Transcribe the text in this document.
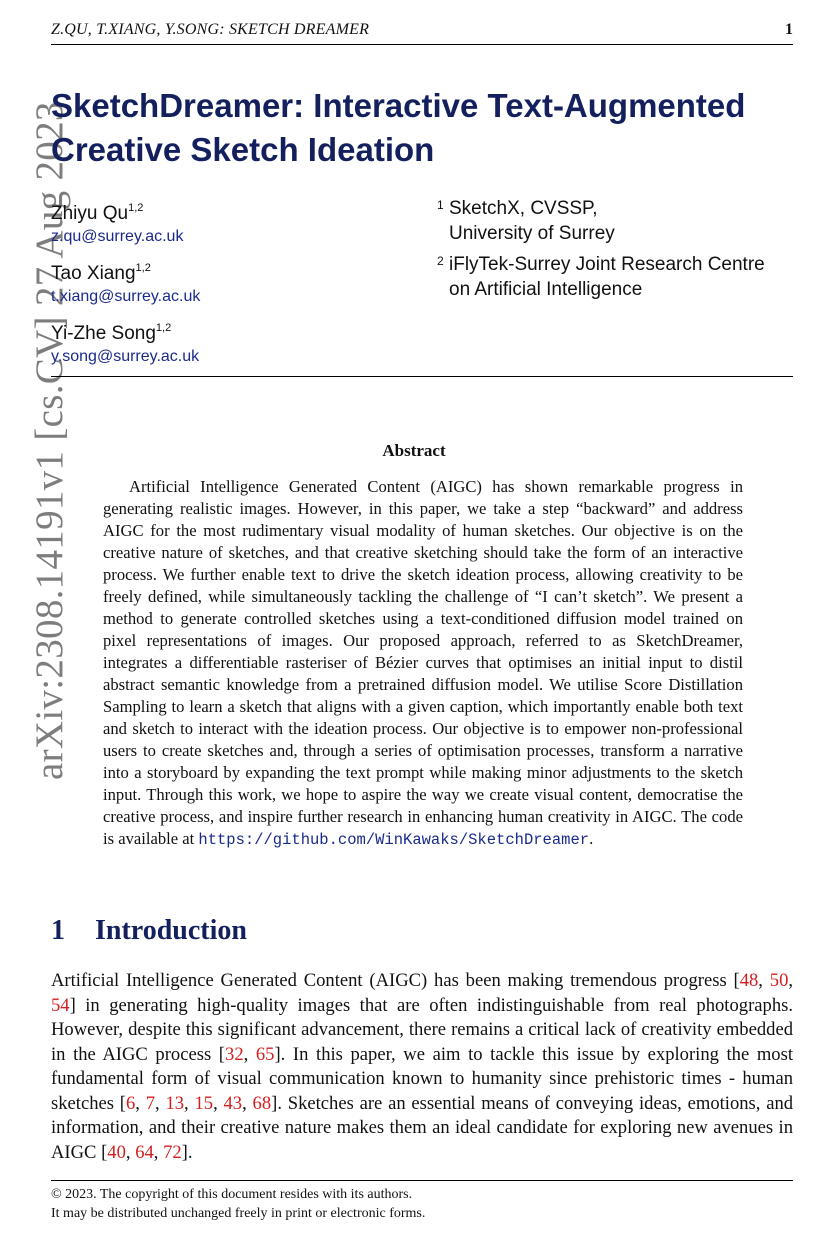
Z.QU, T.XIANG, Y.SONG: SKETCH DREAMER	1
arXiv:2308.14191v1 [cs.CV] 27 Aug 2023
SketchDreamer: Interactive Text-Augmented
Creative Sketch Ideation
Zhiyu Qu$^{1,2}$
z.qu@surrey.ac.uk
Tao Xiang$^{1,2}$
t.xiang@surrey.ac.uk
Yi-Zhe Song$^{1,2}$
y.song@surrey.ac.uk
1 SketchX, CVSSP,
University of Surrey
2 iFlyTek-Surrey Joint Research Centre
on Artificial Intelligence
Abstract
Artificial Intelligence Generated Content (AIGC) has shown remarkable progress in generating realistic images. However, in this paper, we take a step “backward” and address AIGC for the most rudimentary visual modality of human sketches. Our objective is on the creative nature of sketches, and that creative sketching should take the form of an interactive process. We further enable text to drive the sketch ideation process, allowing creativity to be freely defined, while simultaneously tackling the challenge of “I can’t sketch”. We present a method to generate controlled sketches using a text-conditioned diffusion model trained on pixel representations of images. Our proposed approach, referred to as SketchDreamer, integrates a differentiable rasteriser of Bézier curves that optimises an initial input to distil abstract semantic knowledge from a pretrained diffusion model. We utilise Score Distillation Sampling to learn a sketch that aligns with a given caption, which importantly enable both text and sketch to interact with the ideation process. Our objective is to empower non-professional users to create sketches and, through a series of optimisation processes, transform a narrative into a storyboard by expanding the text prompt while making minor adjustments to the sketch input. Through this work, we hope to aspire the way we create visual content, democratise the creative process, and inspire further research in enhancing human creativity in AIGC. The code is available at https://github.com/WinKawaks/SketchDreamer.
1 Introduction
Artificial Intelligence Generated Content (AIGC) has been making tremendous progress [48, 50, 54] in generating high-quality images that are often indistinguishable from real photographs. However, despite this significant advancement, there remains a critical lack of creativity embedded in the AIGC process [32, 65]. In this paper, we aim to tackle this issue by exploring the most fundamental form of visual communication known to humanity since prehistoric times - human sketches [6, 7, 13, 15, 43, 68]. Sketches are an essential means of conveying ideas, emotions, and information, and their creative nature makes them an ideal candidate for exploring new avenues in AIGC [40, 64, 72].
© 2023. The copyright of this document resides with its authors.
It may be distributed unchanged freely in print or electronic forms.
